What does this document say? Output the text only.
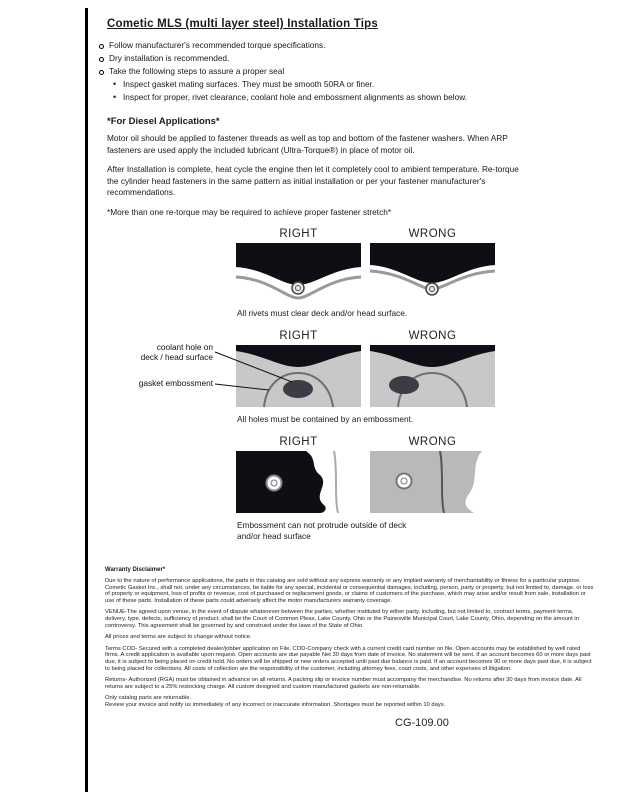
Cometic MLS (multi layer steel) Installation Tips
Follow manufacturer's recommended torque specifications.
Dry installation is recommended.
Take the following steps to assure a proper seal
• Inspect gasket mating surfaces. They must be smooth 50RA or finer.
• Inspect for proper, rivet clearance, coolant hole and embossment alignments as shown below.
*For Diesel Applications*

Motor oil should be applied to fastener threads as well as top and bottom of the fastener washers. When ARP fasteners are used apply the included lubricant (Ultra-Torque®) in place of motor oil.

After Installation is complete, heat cycle the engine then let it completely cool to ambient temperature. Re-torque the cylinder head fasteners in the same pattern as initial installation or per your fastener manufacturer's recommendations.

*More than one re-torque may be required to achieve proper fastener stretch*

RIGHT	WRONG
All rivets must clear deck and/or head surface.
RIGHT	WRONG
coolant hole on
deck / head surface
gasket embossment
All holes must be contained by an embossment.
RIGHT	WRONG
Embossment can not protrude outside of deck
and/or head surface

Warranty Disclaimer*

Due to the nature of performance applications, the parts in this catalog are sold without any express warranty or any implied warranty of merchantability or fitness for a particular purpose. Cometic Gasket Inc., shall not, under any circumstances, be liable for any special, incidental or consequential damages, including, person, party or property, but not limited to, damage, or loss of property or equipment, loss of profits or revenue, cost of purchased or replacement goods, or claims of customers of the purchase, which may arise and/or result from sale, installation or use of these parts. Installation of these parts could adversely affect the motor manufacturers warranty coverage.

VENUE-The agreed upon venue, in the event of dispute whatsoever between the parties, whether instituted by either party, including, but not limited to, contract terms, payment terms, delivery, type, defects, sufficiency of product, shall be the Court of Common Pleas, Lake County, Ohio or the Painesville Municipal Court, Lake County, Ohio, depending on the amount in controversy. This agreement shall be governed by and construed under the laws of the State of Ohio.

All prices and terms are subject to change without notice.

Terms COD- Secured with a completed dealer/jobber application on File, COD-Company check with a current credit card number on file. Open accounts may be established by well rated firms. A credit application is available upon request. Open accounts are due payable Net 30 days from date of invoice. No statement will be sent. If an account becomes 60 or more days past due, it is subject to being placed on credit hold. No orders will be shipped or new orders accepted until past due balance is paid. If an account becomes 90 or more days past due, it is subject to being placed for collections. All costs of collection are the responsibility of the customer, including attorney fees, court costs, and other expenses of litigation.

Returns- Authorized (RGA) must be obtained in advance on all returns. A packing slip or invoice number must accompany the merchandise. No returns after 30 days from invoice date. All returns are subject to a 25% restocking charge. All custom designed and custom manufactured gaskets are non-returnable.

Only catalog parts are returnable.

Review your invoice and notify us immediately of any incorrect or inaccurate information. Shortages must be reported within 10 days.

CG-109.00
